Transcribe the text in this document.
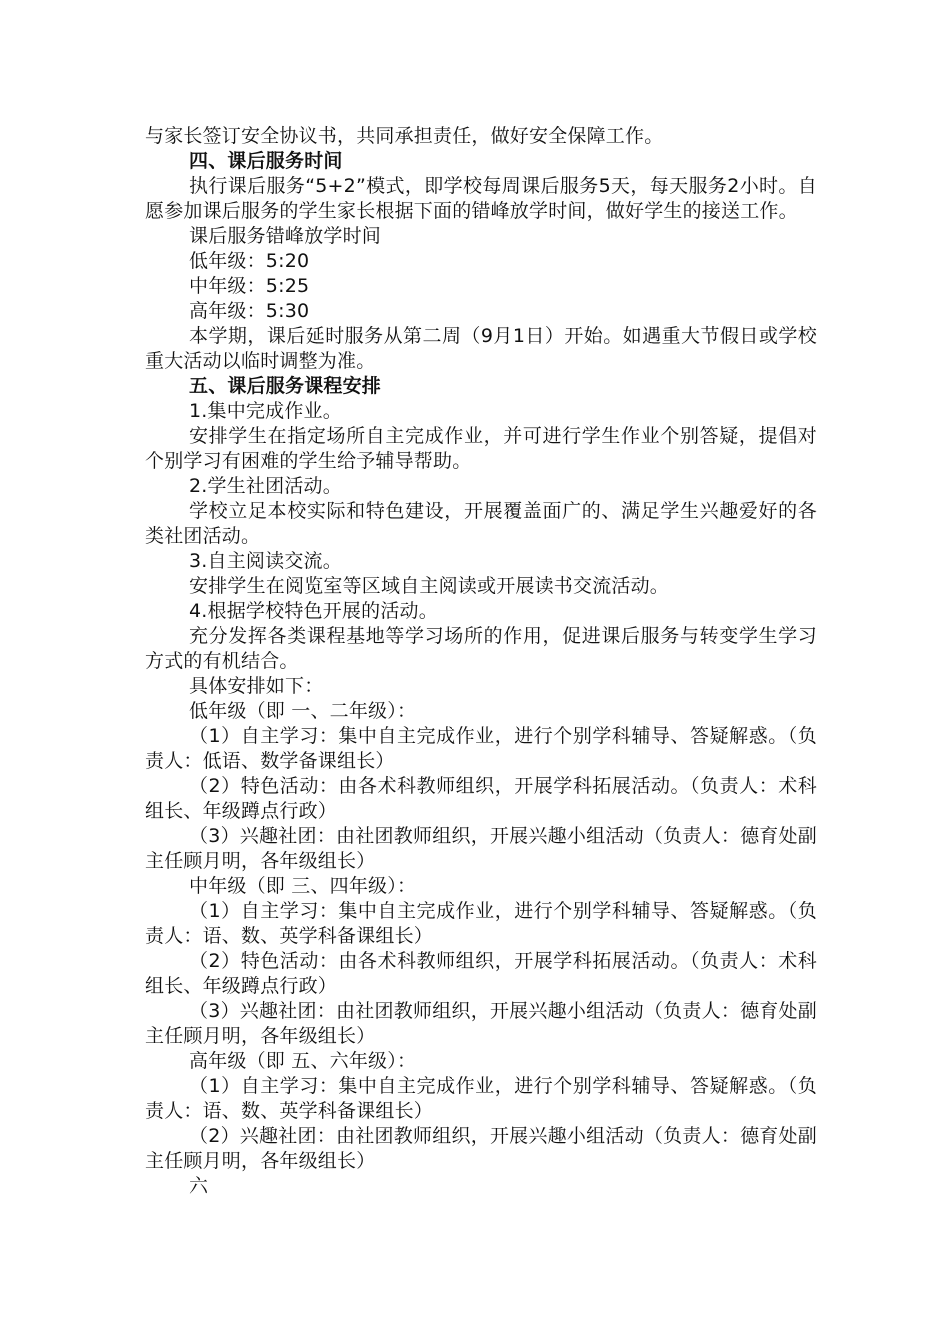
与家长签订安全协议书，共同承担责任，做好安全保障工作。

四、课后服务时间

执行课后服务“5+2”模式，即学校每周课后服务5天，每天服务2小时。自愿参加课后服务的学生家长根据下面的错峰放学时间，做好学生的接送工作。

课后服务错峰放学时间

低年级：5:20

中年级：5:25

高年级：5:30

本学期，课后延时服务从第二周（9月1日）开始。如遇重大节假日或学校重大活动以临时调整为准。

五、课后服务课程安排

1.集中完成作业。

安排学生在指定场所自主完成作业，并可进行学生作业个别答疑，提倡对个别学习有困难的学生给予辅导帮助。

2.学生社团活动。

学校立足本校实际和特色建设，开展覆盖面广的、满足学生兴趣爱好的各类社团活动。

3.自主阅读交流。

安排学生在阅览室等区域自主阅读或开展读书交流活动。

4.根据学校特色开展的活动。

充分发挥各类课程基地等学习场所的作用，促进课后服务与转变学生学习方式的有机结合。

具体安排如下：

低年级（即 一、二年级）：

（1）自主学习：集中自主完成作业，进行个别学科辅导、答疑解惑。（负责人：低语、数学备课组长）

（2）特色活动：由各术科教师组织，开展学科拓展活动。（负责人：术科组长、年级蹲点行政）

（3）兴趣社团：由社团教师组织，开展兴趣小组活动（负责人：德育处副主任顾月明，各年级组长）

中年级（即 三、四年级）：

（1）自主学习：集中自主完成作业，进行个别学科辅导、答疑解惑。（负责人：语、数、英学科备课组长）

（2）特色活动：由各术科教师组织，开展学科拓展活动。（负责人：术科组长、年级蹲点行政）

（3）兴趣社团：由社团教师组织，开展兴趣小组活动（负责人：德育处副主任顾月明，各年级组长）

高年级（即 五、六年级）：

（1）自主学习：集中自主完成作业，进行个别学科辅导、答疑解惑。（负责人：语、数、英学科备课组长）

（2）兴趣社团：由社团教师组织，开展兴趣小组活动（负责人：德育处副主任顾月明，各年级组长）

六
